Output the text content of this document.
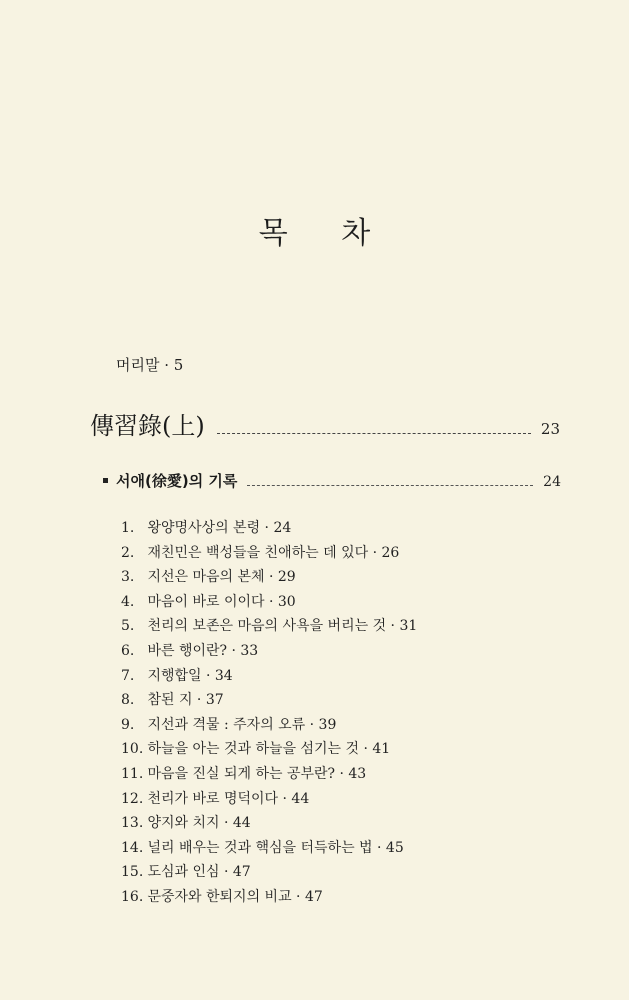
목 차
머리말 · 5
傳習錄(上)	23
서애(徐愛)의 기록	24
1. 왕양명사상의 본령 · 24
2. 재친민은 백성들을 친애하는 데 있다 · 26
3. 지선은 마음의 본체 · 29
4. 마음이 바로 이이다 · 30
5. 천리의 보존은 마음의 사욕을 버리는 것 · 31
6. 바른 행이란? · 33
7. 지행합일 · 34
8. 참된 지 · 37
9. 지선과 격물 : 주자의 오류 · 39
10. 하늘을 아는 것과 하늘을 섬기는 것 · 41
11. 마음을 진실 되게 하는 공부란? · 43
12. 천리가 바로 명덕이다 · 44
13. 양지와 치지 · 44
14. 널리 배우는 것과 핵심을 터득하는 법 · 45
15. 도심과 인심 · 47
16. 문중자와 한퇴지의 비교 · 47
